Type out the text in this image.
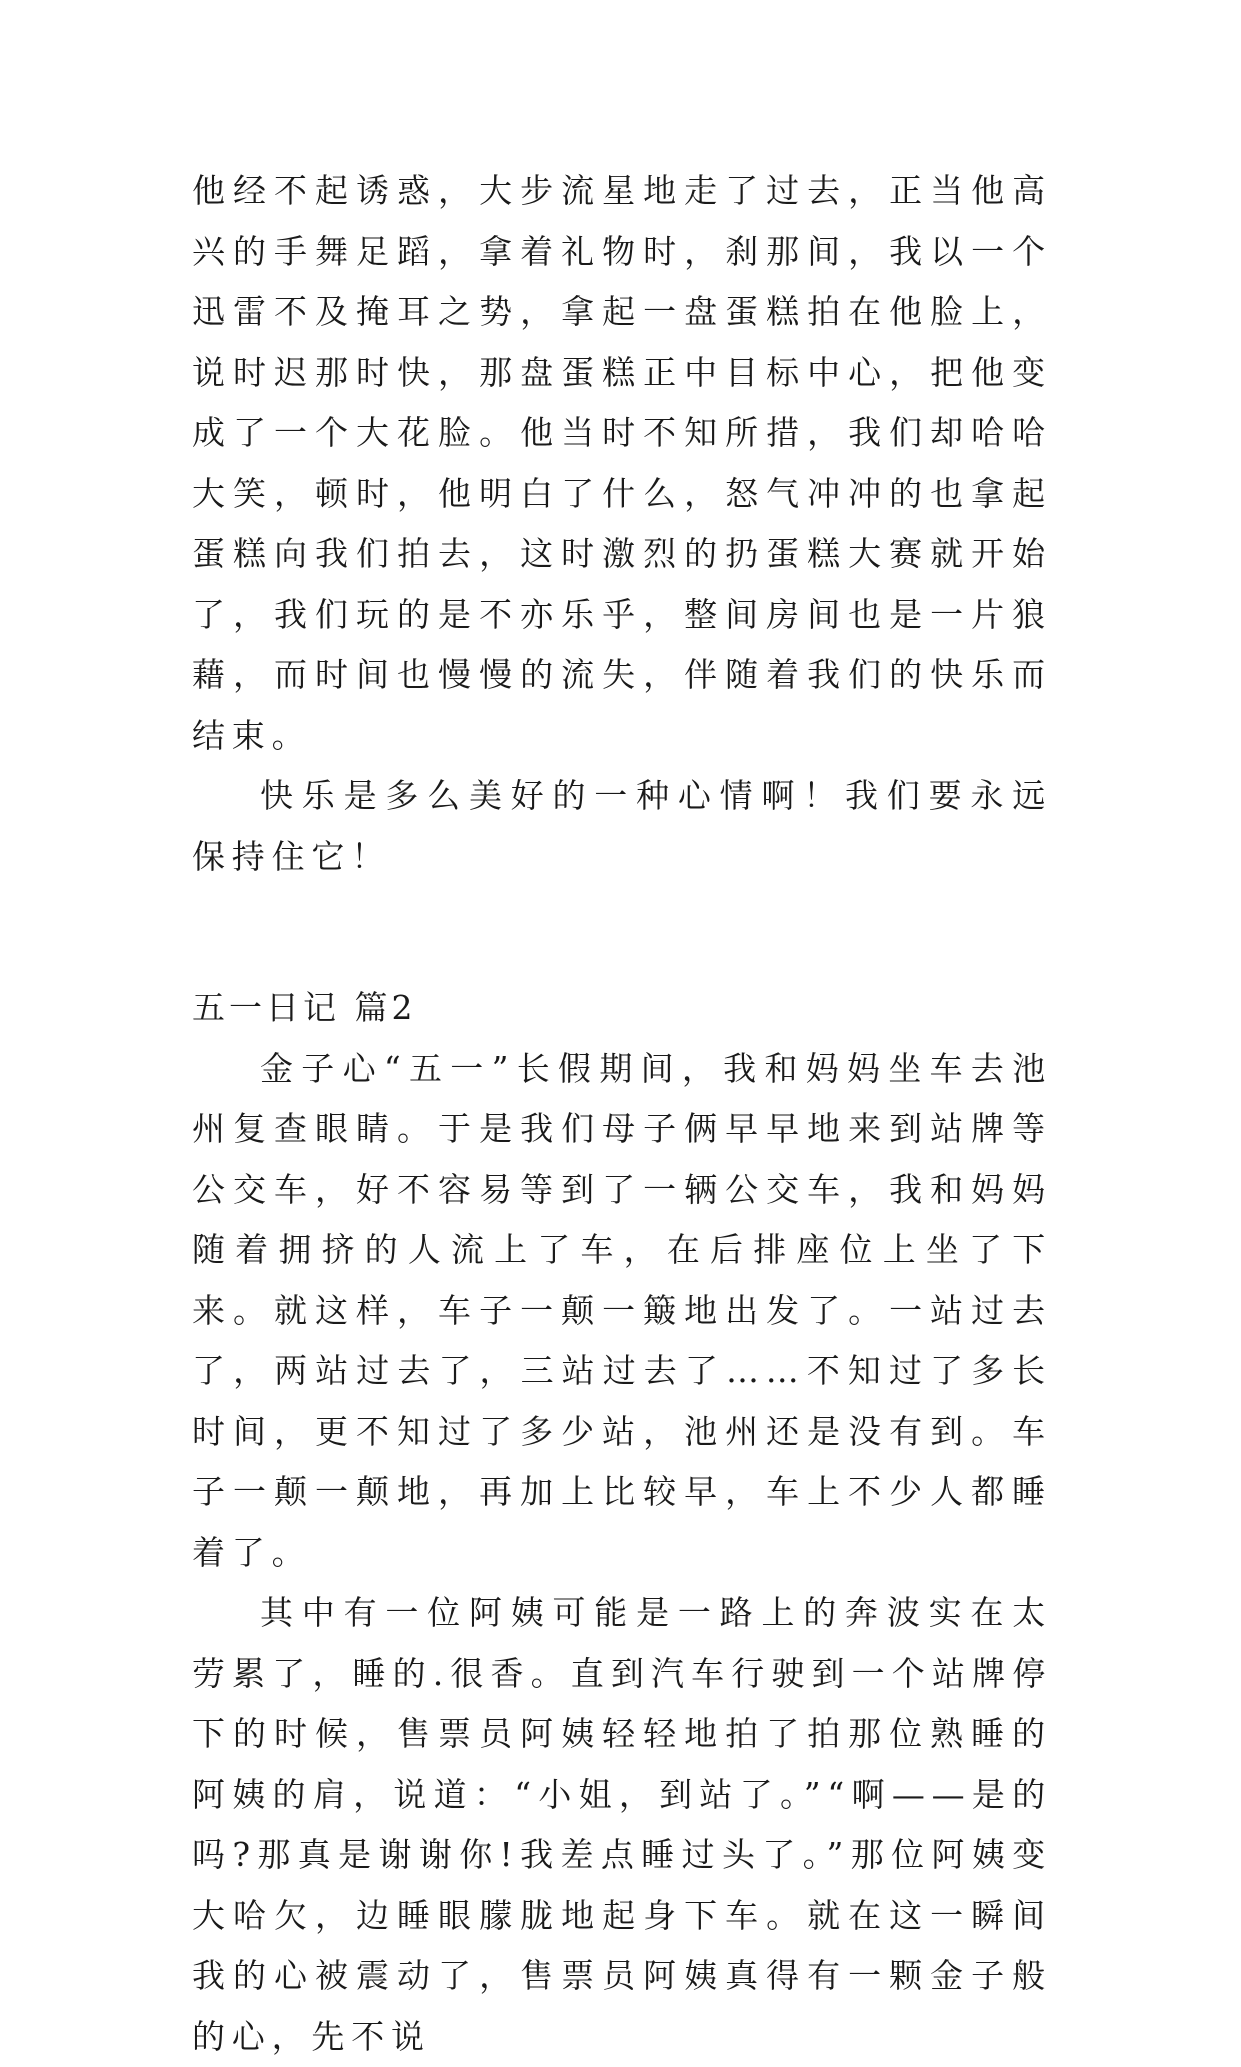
他经不起诱惑，大步流星地走了过去，正当他高兴的手舞足蹈，拿着礼物时，刹那间，我以一个迅雷不及掩耳之势，拿起一盘蛋糕拍在他脸上，说时迟那时快，那盘蛋糕正中目标中心，把他变成了一个大花脸。他当时不知所措，我们却哈哈大笑，顿时，他明白了什么，怒气冲冲的也拿起蛋糕向我们拍去，这时激烈的扔蛋糕大赛就开始了，我们玩的是不亦乐乎，整间房间也是一片狼藉，而时间也慢慢的流失，伴随着我们的快乐而结束。

快乐是多么美好的一种心情啊！我们要永远保持住它！

五一日记 篇2

金子心“五一”长假期间，我和妈妈坐车去池州复查眼睛。于是我们母子俩早早地来到站牌等公交车，好不容易等到了一辆公交车，我和妈妈随着拥挤的人流上了车，在后排座位上坐了下来。就这样，车子一颠一簸地出发了。一站过去了，两站过去了，三站过去了……不知过了多长时间，更不知过了多少站，池州还是没有到。车子一颠一颠地，再加上比较早，车上不少人都睡着了。

其中有一位阿姨可能是一路上的奔波实在太劳累了，睡的.很香。直到汽车行驶到一个站牌停下的时候，售票员阿姨轻轻地拍了拍那位熟睡的阿姨的肩，说道：“小姐，到站了。”“啊——是的吗?那真是谢谢你!我差点睡过头了。”那位阿姨变大哈欠，边睡眼朦胧地起身下车。就在这一瞬间我的心被震动了，售票员阿姨真得有一颗金子般的心，先不说
